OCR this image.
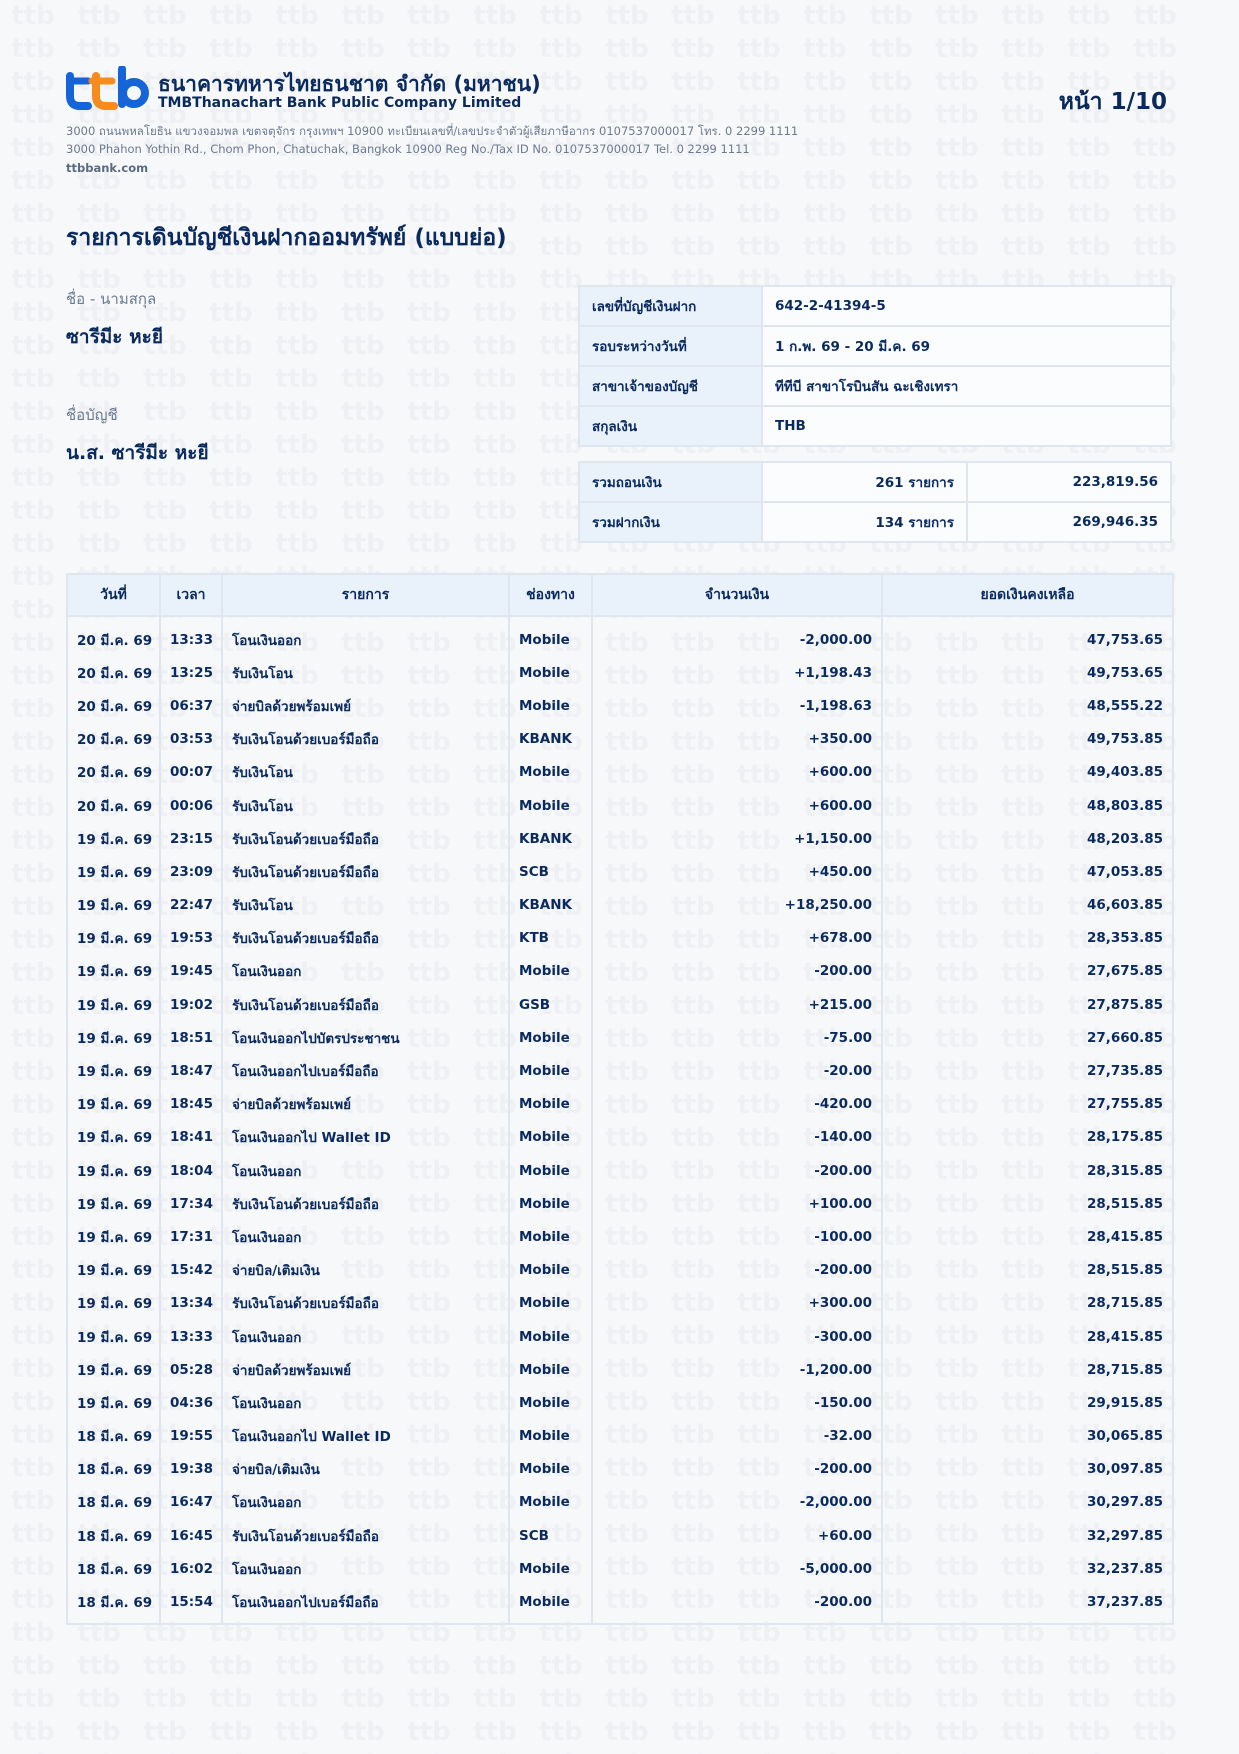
ธนาคารทหารไทยธนชาต จำกัด (มหาชน)
TMBThanachart Bank Public Company Limited	หน้า 1/10
3000 ถนนพหลโยธิน แขวงจอมพล เขตจตุจักร กรุงเทพฯ 10900 ทะเบียนเลขที่/เลขประจำตัวผู้เสียภาษีอากร 0107537000017 โทร. 0 2299 1111
3000 Phahon Yothin Rd., Chom Phon, Chatuchak, Bangkok 10900 Reg No./Tax ID No. 0107537000017 Tel. 0 2299 1111
ttbbank.com
รายการเดินบัญชีเงินฝากออมทรัพย์ (แบบย่อ)
ชื่อ - นามสกุล
ซารีมีะ หะยี
ชื่อบัญชี
น.ส. ซารีมีะ หะยี
เลขที่บัญชีเงินฝาก	642-2-41394-5
รอบระหว่างวันที่	1 ก.พ. 69 - 20 มี.ค. 69
สาขาเจ้าของบัญชี	ทีทีบี สาขาโรบินสัน ฉะเชิงเทรา
สกุลเงิน	THB
รวมถอนเงิน	261 รายการ	223,819.56
รวมฝากเงิน	134 รายการ	269,946.35
วันที่	เวลา	รายการ	ช่องทาง	จำนวนเงิน	ยอดเงินคงเหลือ
20 มี.ค. 69	13:33	โอนเงินออก	Mobile	-2,000.00	47,753.65
20 มี.ค. 69	13:25	รับเงินโอน	Mobile	+1,198.43	49,753.65
20 มี.ค. 69	06:37	จ่ายบิลด้วยพร้อมเพย์	Mobile	-1,198.63	48,555.22
20 มี.ค. 69	03:53	รับเงินโอนด้วยเบอร์มือถือ	KBANK	+350.00	49,753.85
20 มี.ค. 69	00:07	รับเงินโอน	Mobile	+600.00	49,403.85
20 มี.ค. 69	00:06	รับเงินโอน	Mobile	+600.00	48,803.85
19 มี.ค. 69	23:15	รับเงินโอนด้วยเบอร์มือถือ	KBANK	+1,150.00	48,203.85
19 มี.ค. 69	23:09	รับเงินโอนด้วยเบอร์มือถือ	SCB	+450.00	47,053.85
19 มี.ค. 69	22:47	รับเงินโอน	KBANK	+18,250.00	46,603.85
19 มี.ค. 69	19:53	รับเงินโอนด้วยเบอร์มือถือ	KTB	+678.00	28,353.85
19 มี.ค. 69	19:45	โอนเงินออก	Mobile	-200.00	27,675.85
19 มี.ค. 69	19:02	รับเงินโอนด้วยเบอร์มือถือ	GSB	+215.00	27,875.85
19 มี.ค. 69	18:51	โอนเงินออกไปบัตรประชาชน	Mobile	-75.00	27,660.85
19 มี.ค. 69	18:47	โอนเงินออกไปเบอร์มือถือ	Mobile	-20.00	27,735.85
19 มี.ค. 69	18:45	จ่ายบิลด้วยพร้อมเพย์	Mobile	-420.00	27,755.85
19 มี.ค. 69	18:41	โอนเงินออกไป Wallet ID	Mobile	-140.00	28,175.85
19 มี.ค. 69	18:04	โอนเงินออก	Mobile	-200.00	28,315.85
19 มี.ค. 69	17:34	รับเงินโอนด้วยเบอร์มือถือ	Mobile	+100.00	28,515.85
19 มี.ค. 69	17:31	โอนเงินออก	Mobile	-100.00	28,415.85
19 มี.ค. 69	15:42	จ่ายบิล/เติมเงิน	Mobile	-200.00	28,515.85
19 มี.ค. 69	13:34	รับเงินโอนด้วยเบอร์มือถือ	Mobile	+300.00	28,715.85
19 มี.ค. 69	13:33	โอนเงินออก	Mobile	-300.00	28,415.85
19 มี.ค. 69	05:28	จ่ายบิลด้วยพร้อมเพย์	Mobile	-1,200.00	28,715.85
19 มี.ค. 69	04:36	โอนเงินออก	Mobile	-150.00	29,915.85
18 มี.ค. 69	19:55	โอนเงินออกไป Wallet ID	Mobile	-32.00	30,065.85
18 มี.ค. 69	19:38	จ่ายบิล/เติมเงิน	Mobile	-200.00	30,097.85
18 มี.ค. 69	16:47	โอนเงินออก	Mobile	-2,000.00	30,297.85
18 มี.ค. 69	16:45	รับเงินโอนด้วยเบอร์มือถือ	SCB	+60.00	32,297.85
18 มี.ค. 69	16:02	โอนเงินออก	Mobile	-5,000.00	32,237.85
18 มี.ค. 69	15:54	โอนเงินออกไปเบอร์มือถือ	Mobile	-200.00	37,237.85
